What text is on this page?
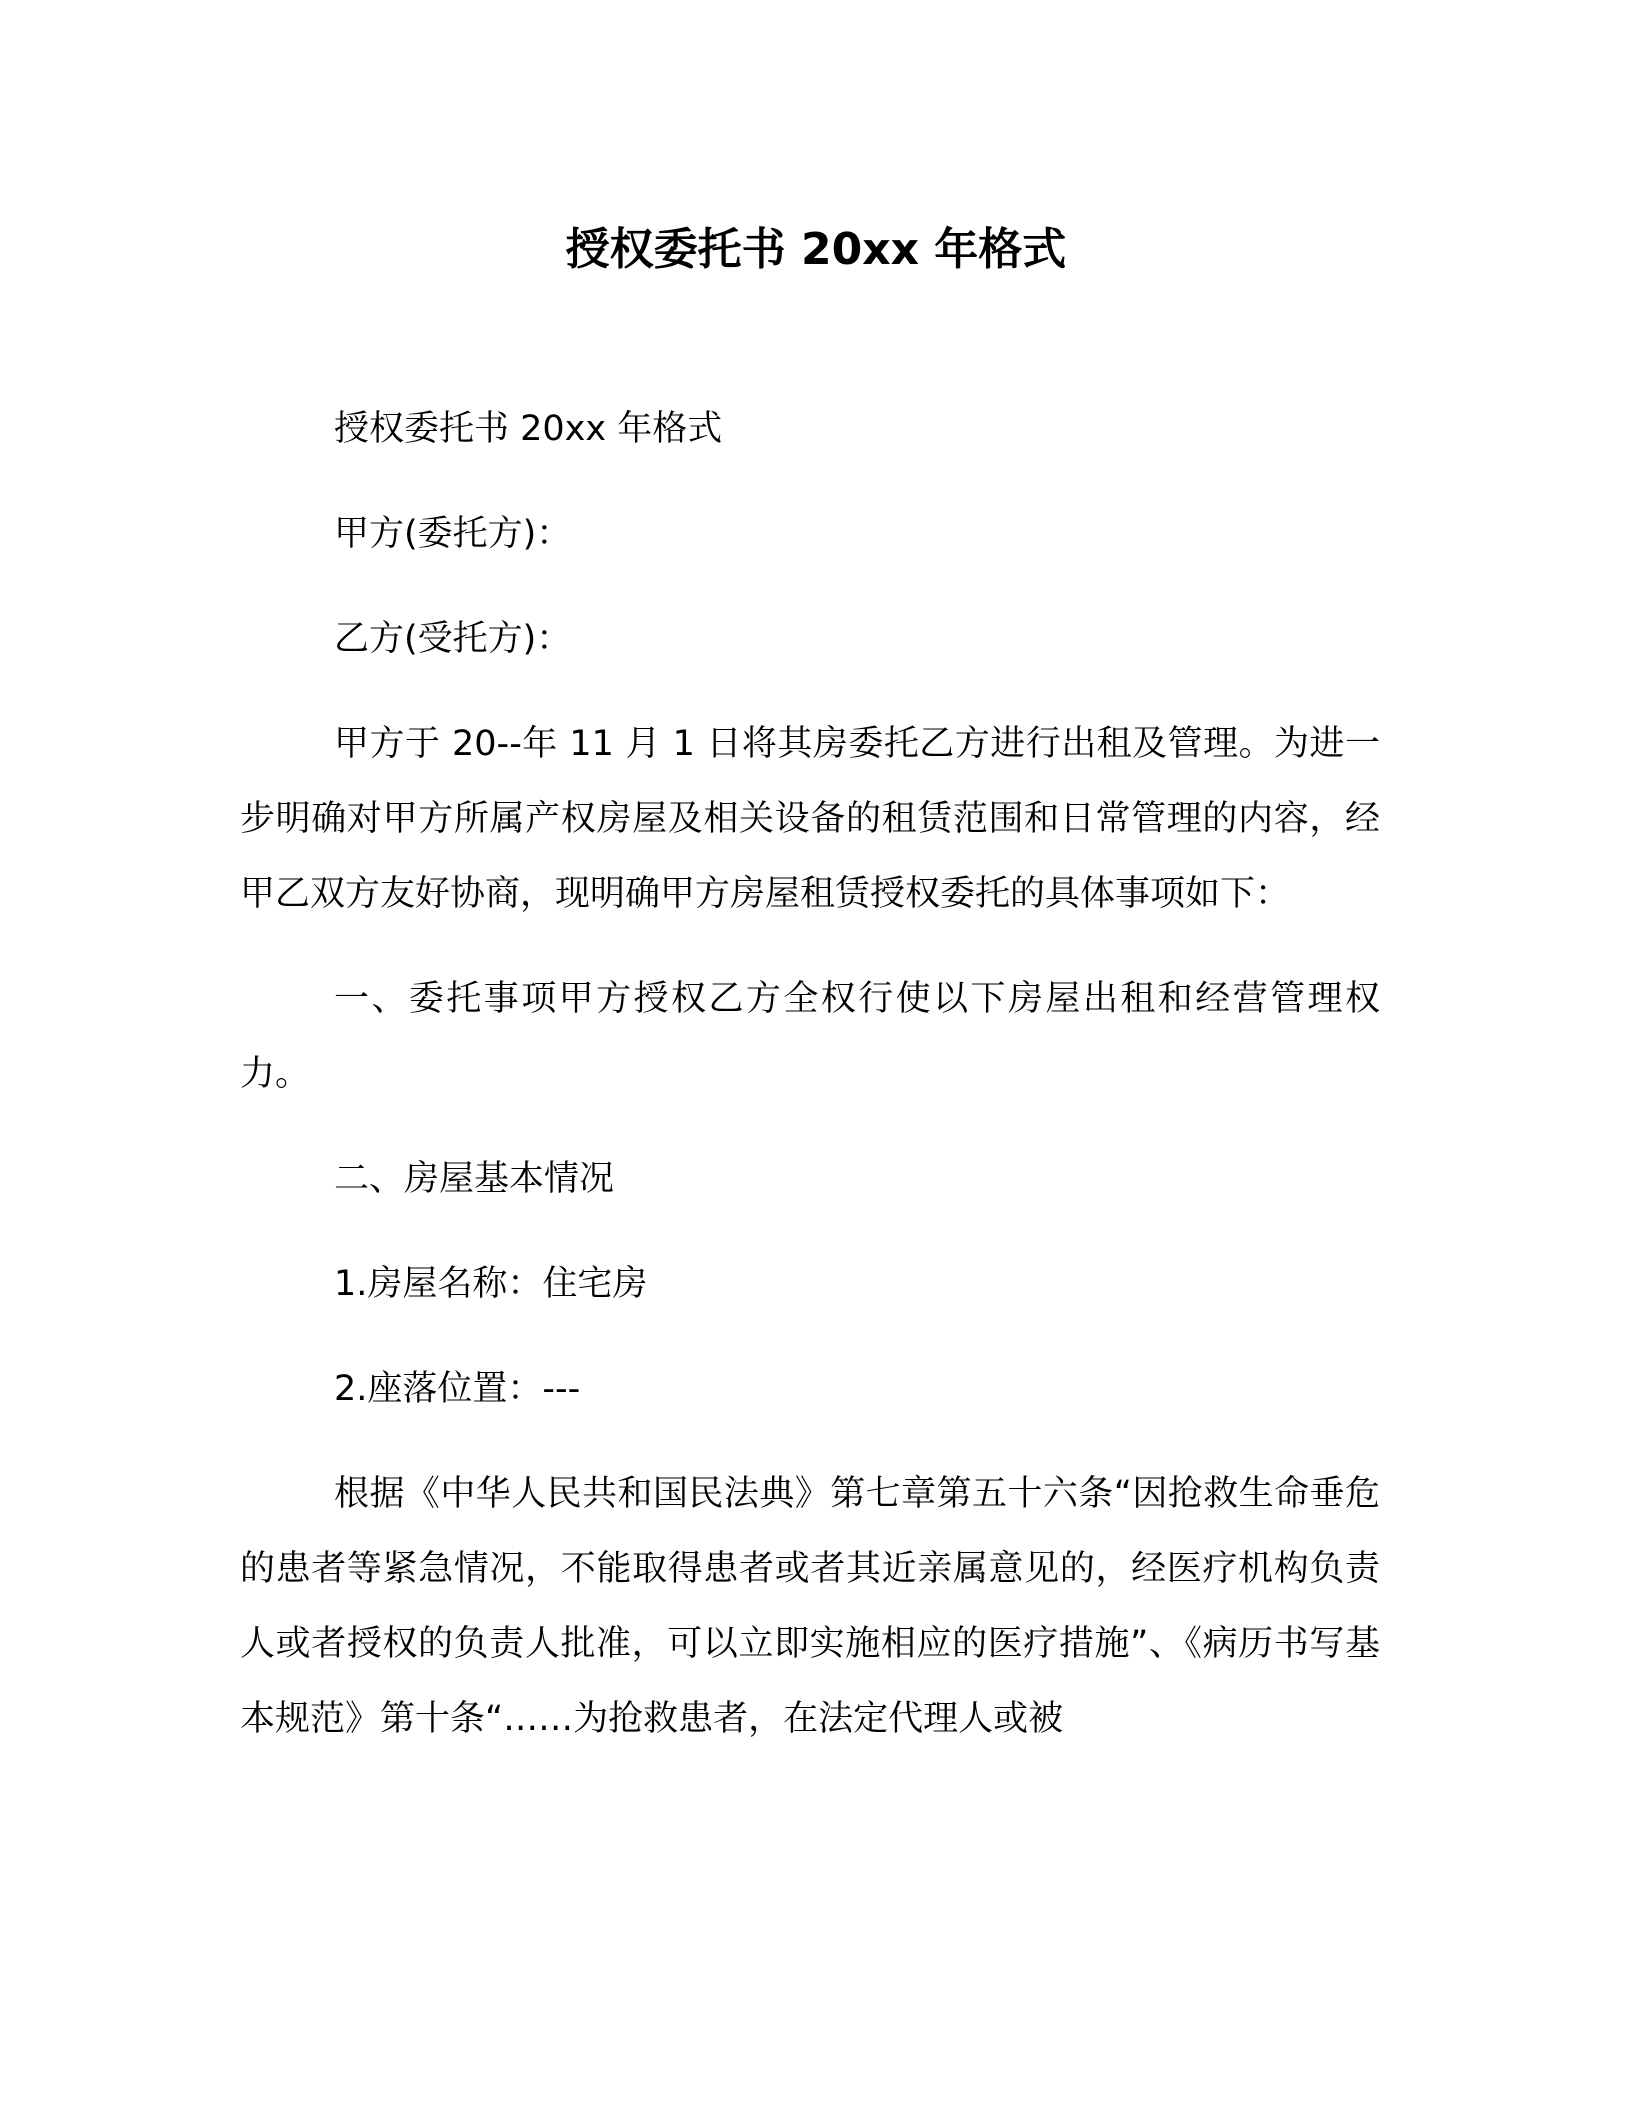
授权委托书 20xx 年格式

授权委托书 20xx 年格式

甲方(委托方)：

乙方(受托方)：

甲方于 20--年 11 月 1 日将其房委托乙方进行出租及管理。为进一步明确对甲方所属产权房屋及相关设备的租赁范围和日常管理的内容，经甲乙双方友好协商，现明确甲方房屋租赁授权委托的具体事项如下：

一、委托事项甲方授权乙方全权行使以下房屋出租和经营管理权力。

二、房屋基本情况

1.房屋名称：住宅房

2.座落位置：---

根据《中华人民共和国民法典》第七章第五十六条“因抢救生命垂危的患者等紧急情况，不能取得患者或者其近亲属意见的，经医疗机构负责人或者授权的负责人批准，可以立即实施相应的医疗措施”、《病历书写基本规范》第十条“……为抢救患者，在法定代理人或被
